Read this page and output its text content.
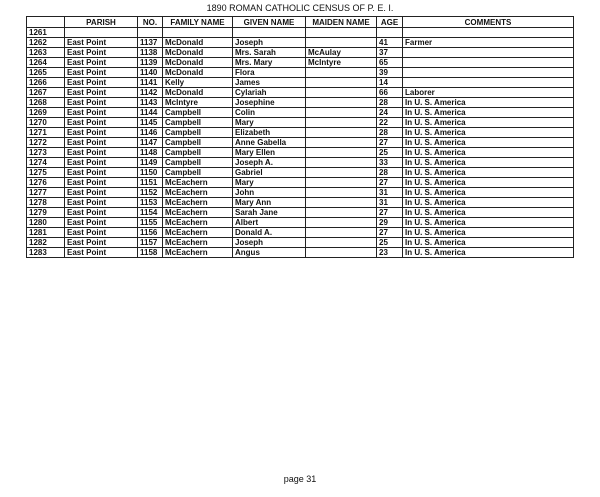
1890 ROMAN CATHOLIC CENSUS OF P. E. I.
	PARISH	NO.	FAMILY NAME	GIVEN NAME	MAIDEN NAME	AGE	COMMENTS
1261							
1262	East Point	1137	McDonald	Joseph		41	Farmer
1263	East Point	1138	McDonald	Mrs. Sarah	McAulay	37	
1264	East Point	1139	McDonald	Mrs. Mary	McIntyre	65	
1265	East Point	1140	McDonald	Flora		39	
1266	East Point	1141	Kelly	James		14	
1267	East Point	1142	McDonald	Cylariah		66	Laborer
1268	East Point	1143	McIntyre	Josephine		28	In U. S. America
1269	East Point	1144	Campbell	Colin		24	In U. S. America
1270	East Point	1145	Campbell	Mary		22	In U. S. America
1271	East Point	1146	Campbell	Elizabeth		28	In U. S. America
1272	East Point	1147	Campbell	Anne Gabella		27	In U. S. America
1273	East Point	1148	Campbell	Mary Ellen		25	In U. S. America
1274	East Point	1149	Campbell	Joseph A.		33	In U. S. America
1275	East Point	1150	Campbell	Gabriel		28	In U. S. America
1276	East Point	1151	McEachern	Mary		27	In U. S. America
1277	East Point	1152	McEachern	John		31	In U. S. America
1278	East Point	1153	McEachern	Mary Ann		31	In U. S. America
1279	East Point	1154	McEachern	Sarah Jane		27	In U. S. America
1280	East Point	1155	McEachern	Albert		29	In U. S. America
1281	East Point	1156	McEachern	Donald A.		27	In U. S. America
1282	East Point	1157	McEachern	Joseph		25	In U. S. America
1283	East Point	1158	McEachern	Angus		23	In U. S. America
page 31
